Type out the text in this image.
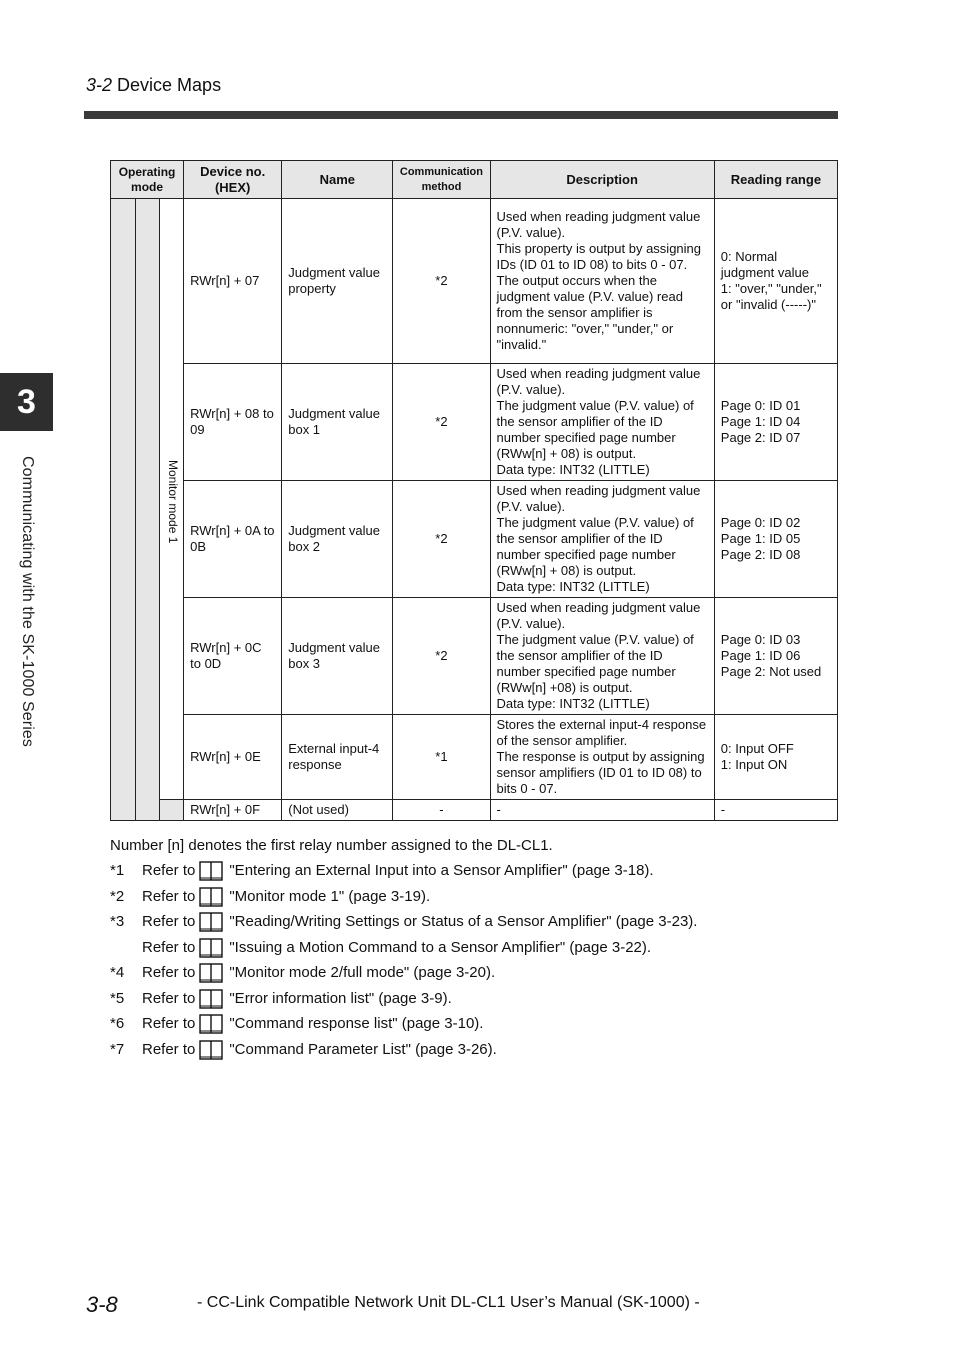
3-2 Device Maps
3
Communicating with the SK-1000 Series
Operating mode			Device no. (HEX)	Name	Communication method	Description	Reading range

		Monitor mode 1	RWr[n] + 07	Judgment value property	*2	Used when reading judgment value (P.V. value).
This property is output by assigning IDs (ID 01 to ID 08) to bits 0 - 07.
The output occurs when the judgment value (P.V. value) read from the sensor amplifier is nonnumeric: "over," "under," or "invalid."	0: Normal judgment value
1: "over," "under," or "invalid (-----)"
			RWr[n] + 08 to 09	Judgment value box 1	*2	Used when reading judgment value (P.V. value).
The judgment value (P.V. value) of the sensor amplifier of the ID number specified page number (RWw[n] + 08) is output.
Data type: INT32 (LITTLE)	Page 0: ID 01
Page 1: ID 04
Page 2: ID 07
			RWr[n] + 0A to 0B	Judgment value box 2	*2	Used when reading judgment value (P.V. value).
The judgment value (P.V. value) of the sensor amplifier of the ID number specified page number (RWw[n] + 08) is output.
Data type: INT32 (LITTLE)	Page 0: ID 02
Page 1: ID 05
Page 2: ID 08
			RWr[n] + 0C to 0D	Judgment value box 3	*2	Used when reading judgment value (P.V. value).
The judgment value (P.V. value) of the sensor amplifier of the ID number specified page number (RWw[n] +08) is output.
Data type: INT32 (LITTLE)	Page 0: ID 03
Page 1: ID 06
Page 2: Not used
			RWr[n] + 0E	External input-4 response	*1	Stores the external input-4 response of the sensor amplifier.
The response is output by assigning sensor amplifiers (ID 01 to ID 08) to bits 0 - 07.	0: Input OFF
1: Input ON
			RWr[n] + 0F	(Not used)	-	-	-
Number [n] denotes the first relay number assigned to the DL-CL1.
*1	Refer to "Entering an External Input into a Sensor Amplifier" (page 3-18).
*2	Refer to "Monitor mode 1" (page 3-19).
*3	Refer to "Reading/Writing Settings or Status of a Sensor Amplifier" (page 3-23).
Refer to "Issuing a Motion Command to a Sensor Amplifier" (page 3-22).
*4	Refer to "Monitor mode 2/full mode" (page 3-20).
*5	Refer to "Error information list" (page 3-9).
*6	Refer to "Command response list" (page 3-10).
*7	Refer to "Command Parameter List" (page 3-26).
3-8	- CC-Link Compatible Network Unit DL-CL1 User’s Manual (SK-1000) -
